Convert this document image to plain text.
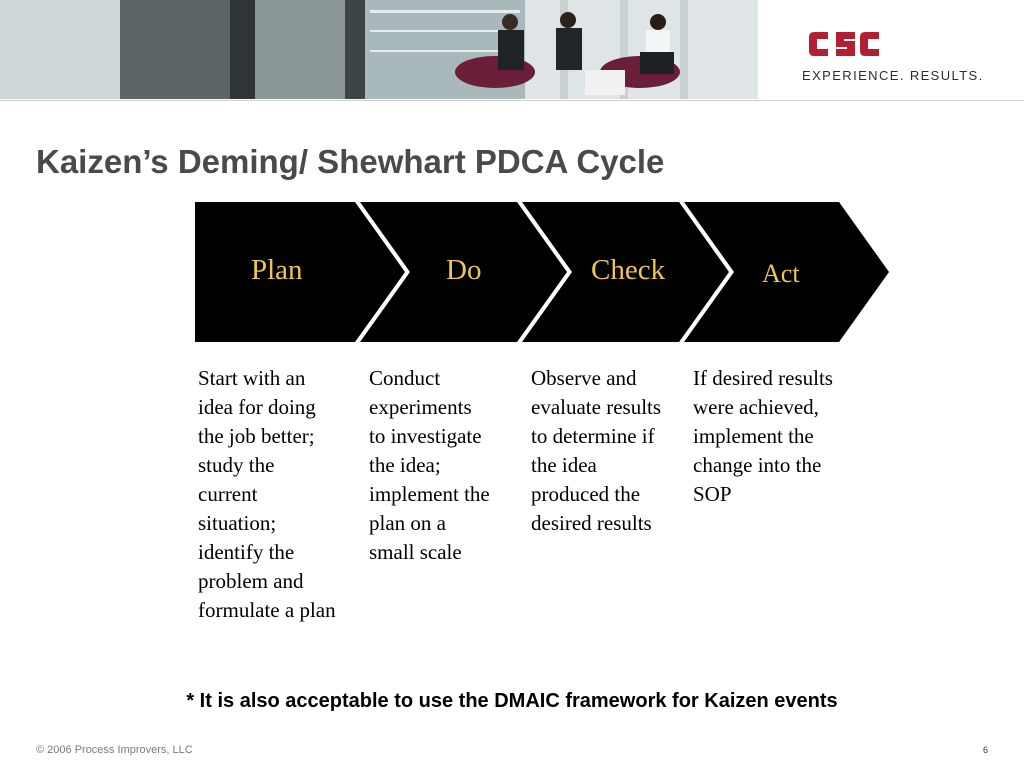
EXPERIENCE. RESULTS.
Kaizen’s Deming/ Shewhart PDCA Cycle
Plan	Do	Check	Act
Start with an
idea for doing
the job better;
study the
current
situation;
identify the
problem and
formulate a plan
Conduct
experiments
to investigate
the idea;
implement the
plan on a
small scale
Observe and
evaluate results
to determine if
the idea
produced the
desired results
If desired results
were achieved,
implement the
change into the
SOP
* It is also acceptable to use the DMAIC framework for Kaizen events
© 2006 Process Improvers, LLC	6
